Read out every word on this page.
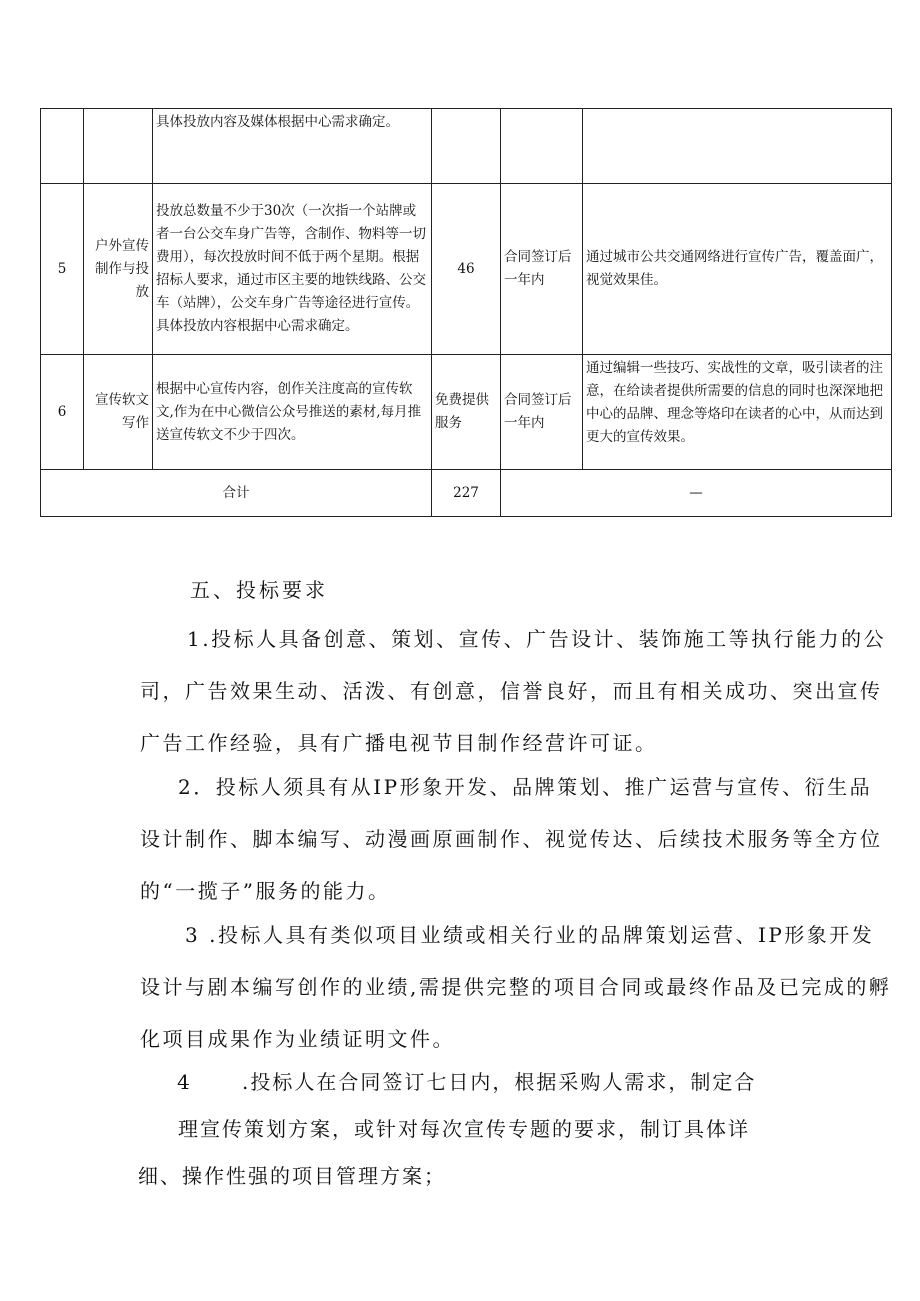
		具体投放内容及媒体根据中心需求确定。			
5	户外宣传制作与投放	投放总数量不少于30次（一次指一个站牌或者一台公交车身广告等，含制作、物料等一切费用），每次投放时间不低于两个星期。根据招标人要求，通过市区主要的地铁线路、公交车（站牌），公交车身广告等途径进行宣传。具体投放内容根据中心需求确定。	46	合同签订后一年内	通过城市公共交通网络进行宣传广告，覆盖面广，视觉效果佳。
6	宣传软文写作	根据中心宣传内容，创作关注度高的宣传软文,作为在中心微信公众号推送的素材,每月推送宣传软文不少于四次。	免费提供服务	合同签订后一年内	通过编辑一些技巧、实战性的文章，吸引读者的注意，在给读者提供所需要的信息的同时也深深地把中心的品牌、理念等烙印在读者的心中，从而达到更大的宣传效果。
合计			227	—	
五、投标要求
1.投标人具备创意、策划、宣传、广告设计、装饰施工等执行能力的公司，广告效果生动、活泼、有创意，信誉良好，而且有相关成功、突出宣传广告工作经验，具有广播电视节目制作经营许可证。
2．投标人须具有从IP形象开发、品牌策划、推广运营与宣传、衍生品设计制作、脚本编写、动漫画原画制作、视觉传达、后续技术服务等全方位的“一揽子”服务的能力。
3 .投标人具有类似项目业绩或相关行业的品牌策划运营、IP形象开发设计与剧本编写创作的业绩,需提供完整的项目合同或最终作品及已完成的孵化项目成果作为业绩证明文件。
4	.投标人在合同签订七日内，根据采购人需求，制定合
理宣传策划方案，或针对每次宣传专题的要求，制订具体详
细、操作性强的项目管理方案；
